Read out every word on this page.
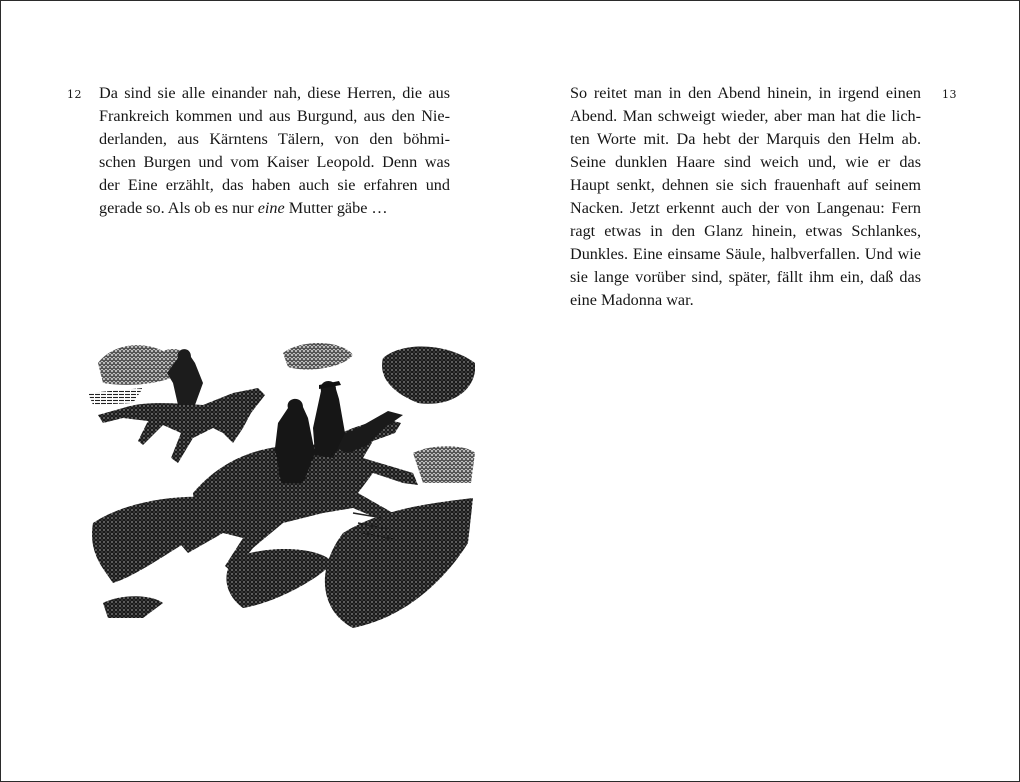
12 Da sind sie alle einander nah, diese Herren, die aus
Frankreich kommen und aus Burgund, aus den Nie-
derlanden, aus Kärntens Tälern, von den böhmi-
schen Burgen und vom Kaiser Leopold. Denn was
der Eine erzählt, das haben auch sie erfahren und
gerade so. Als ob es nur eine Mutter gäbe …
13
So reitet man in den Abend hinein, in irgend einen
Abend. Man schweigt wieder, aber man hat die lich-
ten Worte mit. Da hebt der Marquis den Helm ab.
Seine dunklen Haare sind weich und, wie er das
Haupt senkt, dehnen sie sich frauenhaft auf seinem
Nacken. Jetzt erkennt auch der von Langenau: Fern
ragt etwas in den Glanz hinein, etwas Schlankes,
Dunkles. Eine einsame Säule, halbverfallen. Und wie
sie lange vorüber sind, später, fällt ihm ein, daß das
eine Madonna war.
